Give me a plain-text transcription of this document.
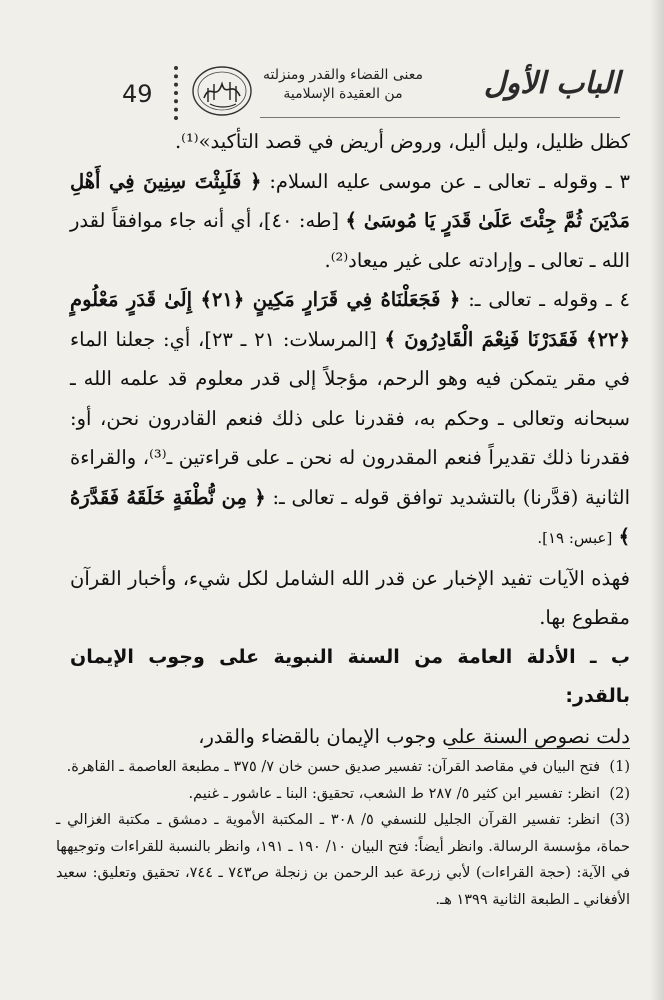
49
معنى القضاء والقدر ومنزلته
من العقيدة الإسلامية	الباب الأول

كظل ظليل، وليل أليل، وروض أريض في قصد التأكيد»⁽¹⁾.

٣ ـ وقوله ـ تعالى ـ عن موسى عليه السلام: ﴿ فَلَبِثْتَ سِنِينَ فِي أَهْلِ مَدْيَنَ ثُمَّ جِئْتَ عَلَىٰ قَدَرٍ يَا مُوسَىٰ ﴾ [طه: ٤٠]، أي أنه جاء موافقاً لقدر الله ـ تعالى ـ وإرادته على غير ميعاد⁽²⁾.

٤ ـ وقوله ـ تعالى ـ: ﴿ فَجَعَلْنَاهُ فِي قَرَارٍ مَكِينٍ ﴿٢١﴾ إِلَىٰ قَدَرٍ مَعْلُومٍ ﴿٢٢﴾ فَقَدَرْنَا فَنِعْمَ الْقَادِرُونَ ﴾ [المرسلات: ٢١ ـ ٢٣]، أي: جعلنا الماء في مقر يتمكن فيه وهو الرحم، مؤجلاً إلى قدر معلوم قد علمه الله ـ سبحانه وتعالى ـ وحكم به، فقدرنا على ذلك فنعم القادرون نحن، أو: فقدرنا ذلك تقديراً فنعم المقدرون له نحن ـ على قراءتين ـ⁽³⁾، والقراءة الثانية (قدَّرنا) بالتشديد توافق قوله ـ تعالى ـ: ﴿ مِن نُّطْفَةٍ خَلَقَهُ فَقَدَّرَهُ ﴾ [عبس: ١٩].

فهذه الآيات تفيد الإخبار عن قدر الله الشامل لكل شيء، وأخبار القرآن مقطوع بها.

ب ـ الأدلة العامة من السنة النبوية على وجوب الإيمان بالقدر:

دلت نصوص السنة على وجوب الإيمان بالقضاء والقدر،

(1)فتح البيان في مقاصد القرآن: تفسير صديق حسن خان ٧/ ٣٧٥ ـ مطبعة العاصمة ـ القاهرة.

(2)انظر: تفسير ابن كثير ٥/ ٢٨٧ ط الشعب، تحقيق: البنا ـ عاشور ـ غنيم.

(3)انظر: تفسير القرآن الجليل للنسفي ٥/ ٣٠٨ ـ المكتبة الأموية ـ دمشق ـ مكتبة الغزالي ـ حماة، مؤسسة الرسالة. وانظر أيضاً: فتح البيان ١٠/ ١٩٠ ـ ١٩١، وانظر بالنسبة للقراءات وتوجيهها في الآية: (حجة القراءات) لأبي زرعة عبد الرحمن بن زنجلة ص٧٤٣ ـ ٧٤٤، تحقيق وتعليق: سعيد الأفغاني ـ الطبعة الثانية ١٣٩٩ هـ.
